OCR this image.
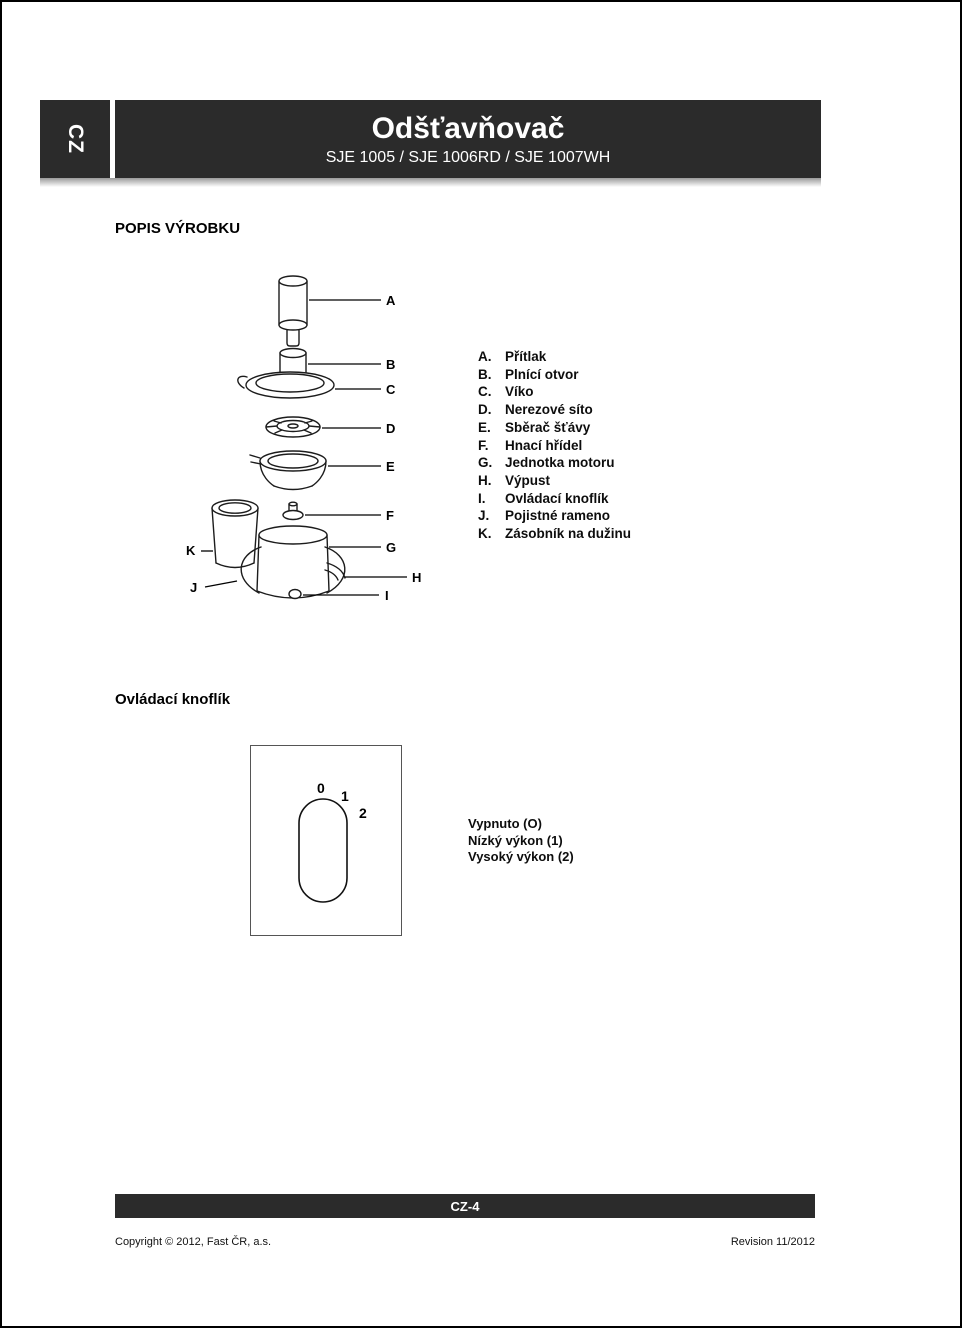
CZ	Odšťavňovač
SJE 1005 / SJE 1006RD / SJE 1007WH
POPIS VÝROBKU
A
B
C
D
E
F
G
H
I
J
K
A.	Přítlak
B.	Plnící otvor
C.	Víko
D.	Nerezové síto
E.	Sběrač šťávy
F.	Hnací hřídel
G. Jednotka motoru
H.	Výpust
I.	Ovládací knoflík
J.	Pojistné rameno
K.	Zásobník na dužinu
Ovládací knoflík
0 1
2
Vypnuto (O)
Nízký výkon (1)
Vysoký výkon (2)
CZ-4
Copyright © 2012, Fast ČR, a.s.	Revision 11/2012
